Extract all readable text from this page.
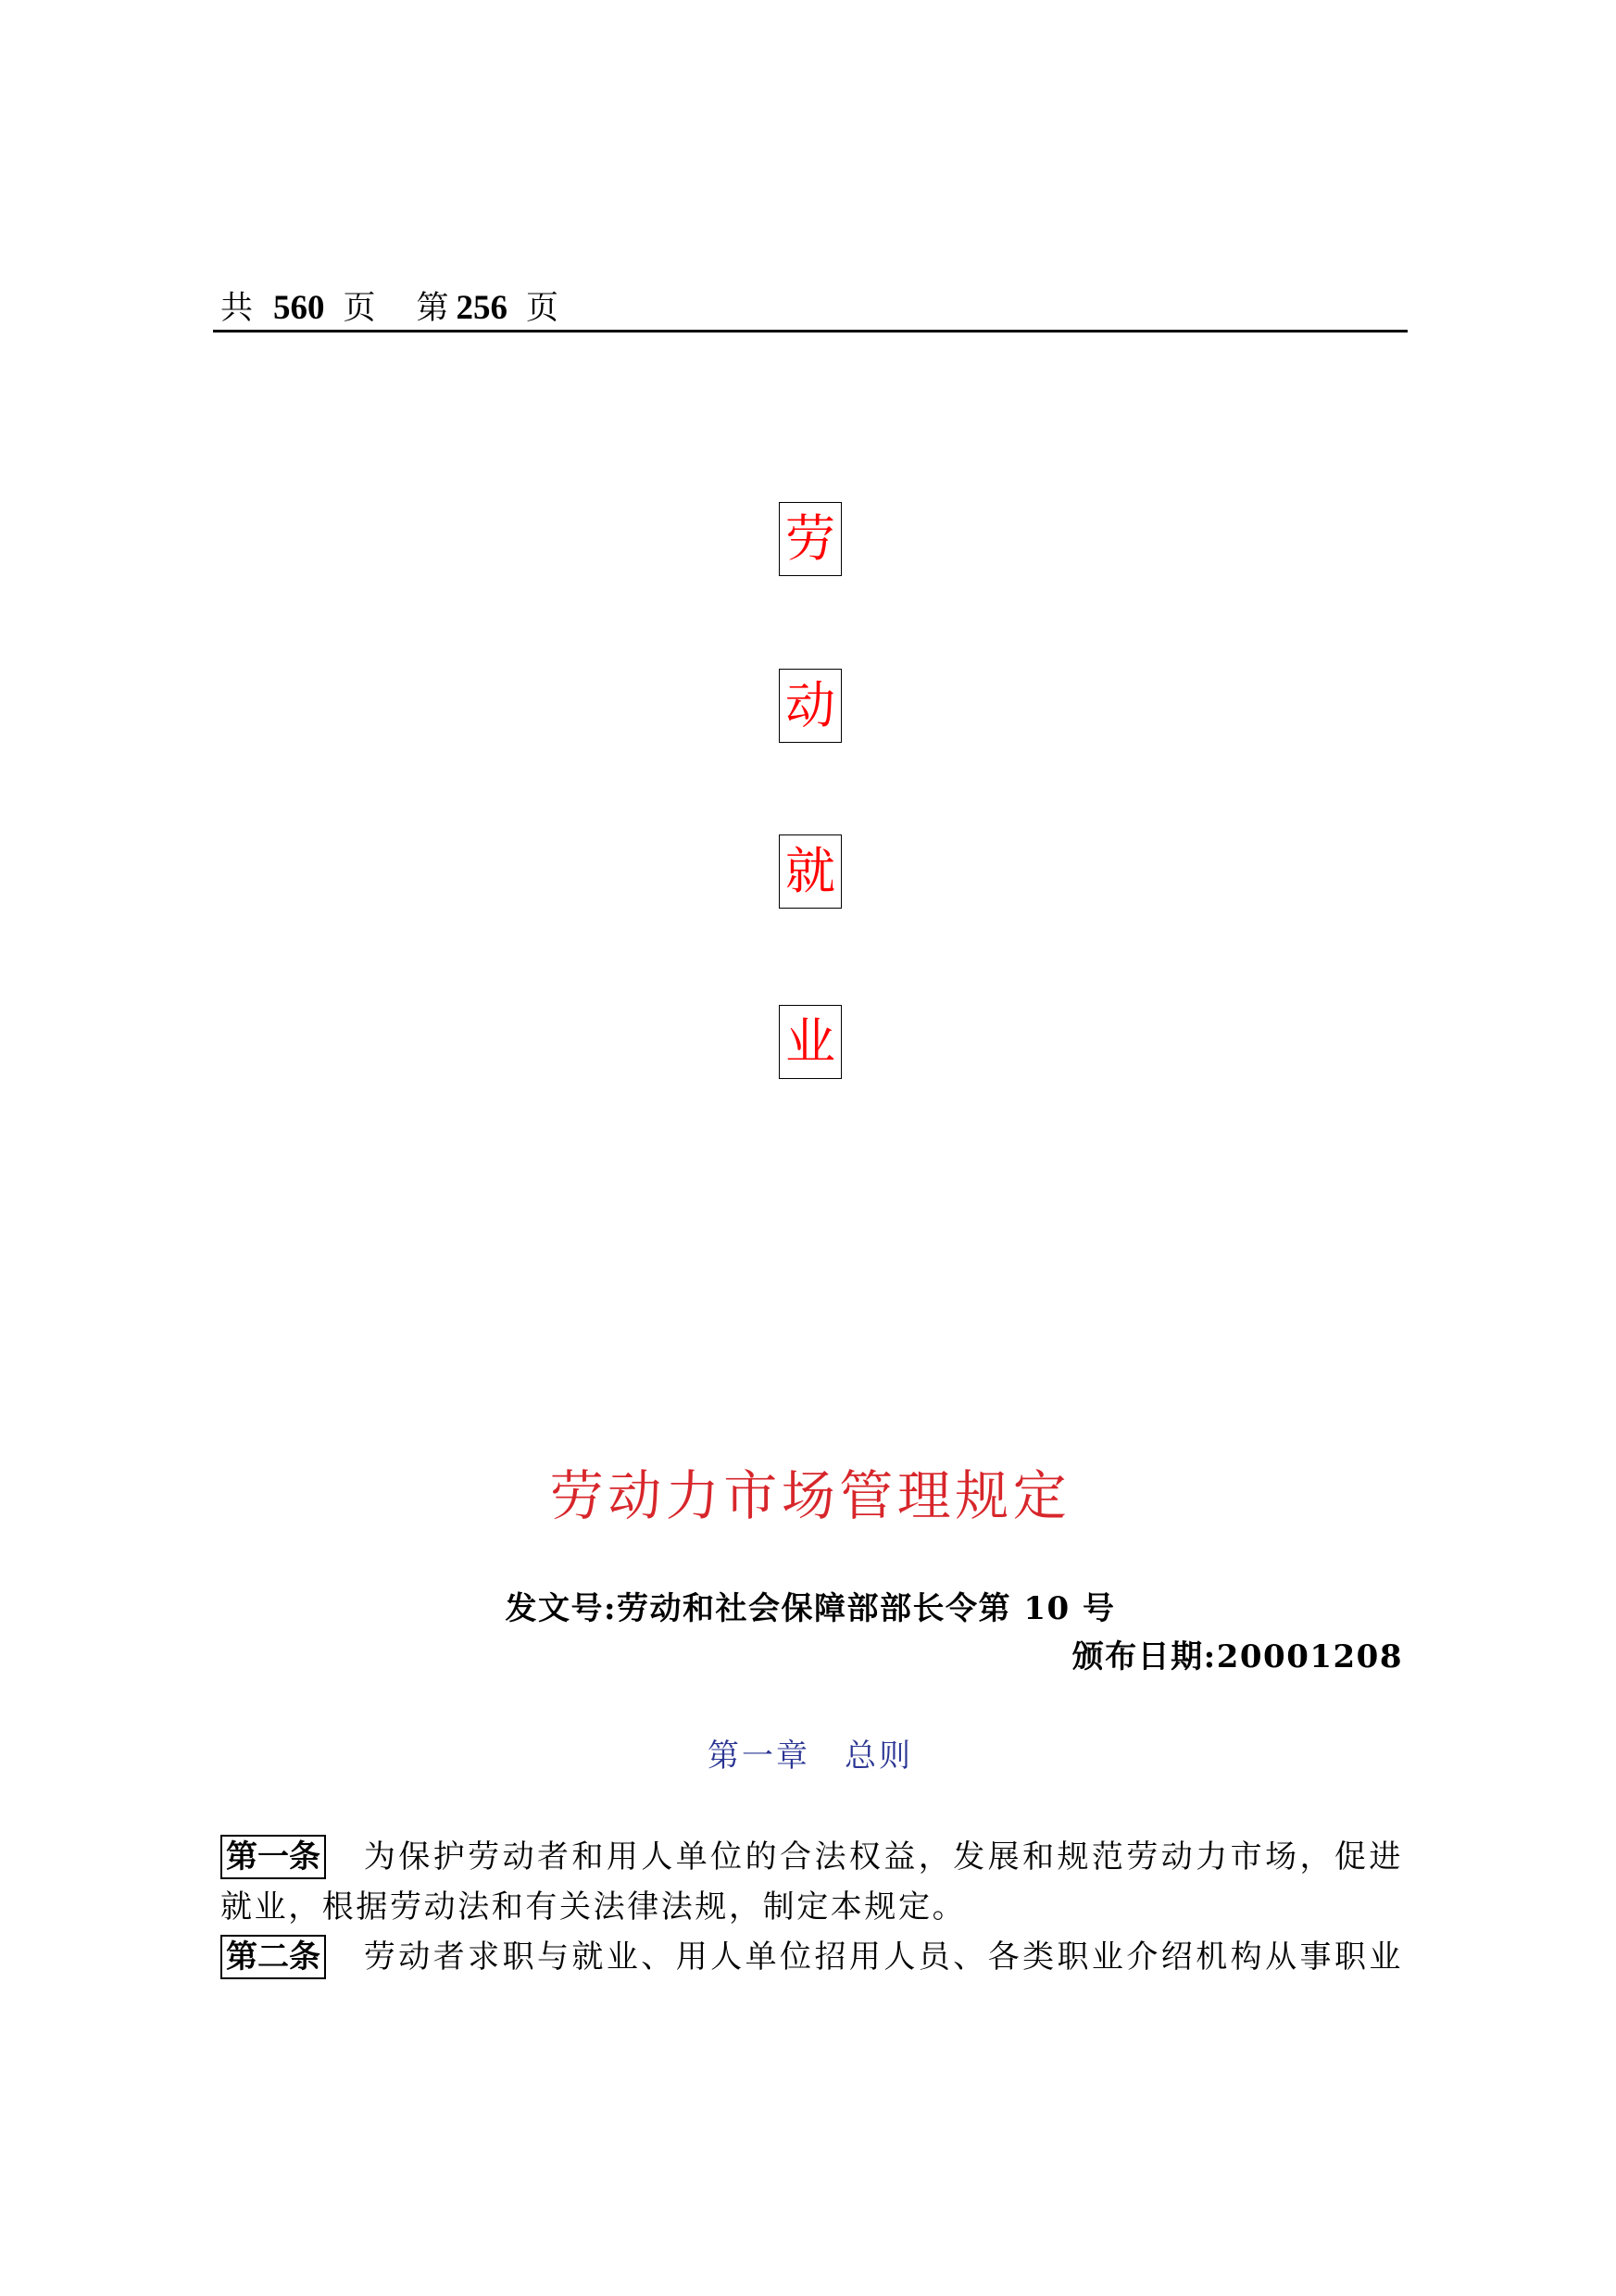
共 560 页 第 256 页
劳
动
就
业
劳动力市场管理规定
发文号:劳动和社会保障部部长令第 10 号
颁布日期:20001208
第一章　总则

第一条 为保护劳动者和用人单位的合法权益，发展和规范劳动力市场，促进就业，根据劳动法和有关法律法规，制定本规定。

第二条 劳动者求职与就业、用人单位招用人员、各类职业介绍机构从事职业
